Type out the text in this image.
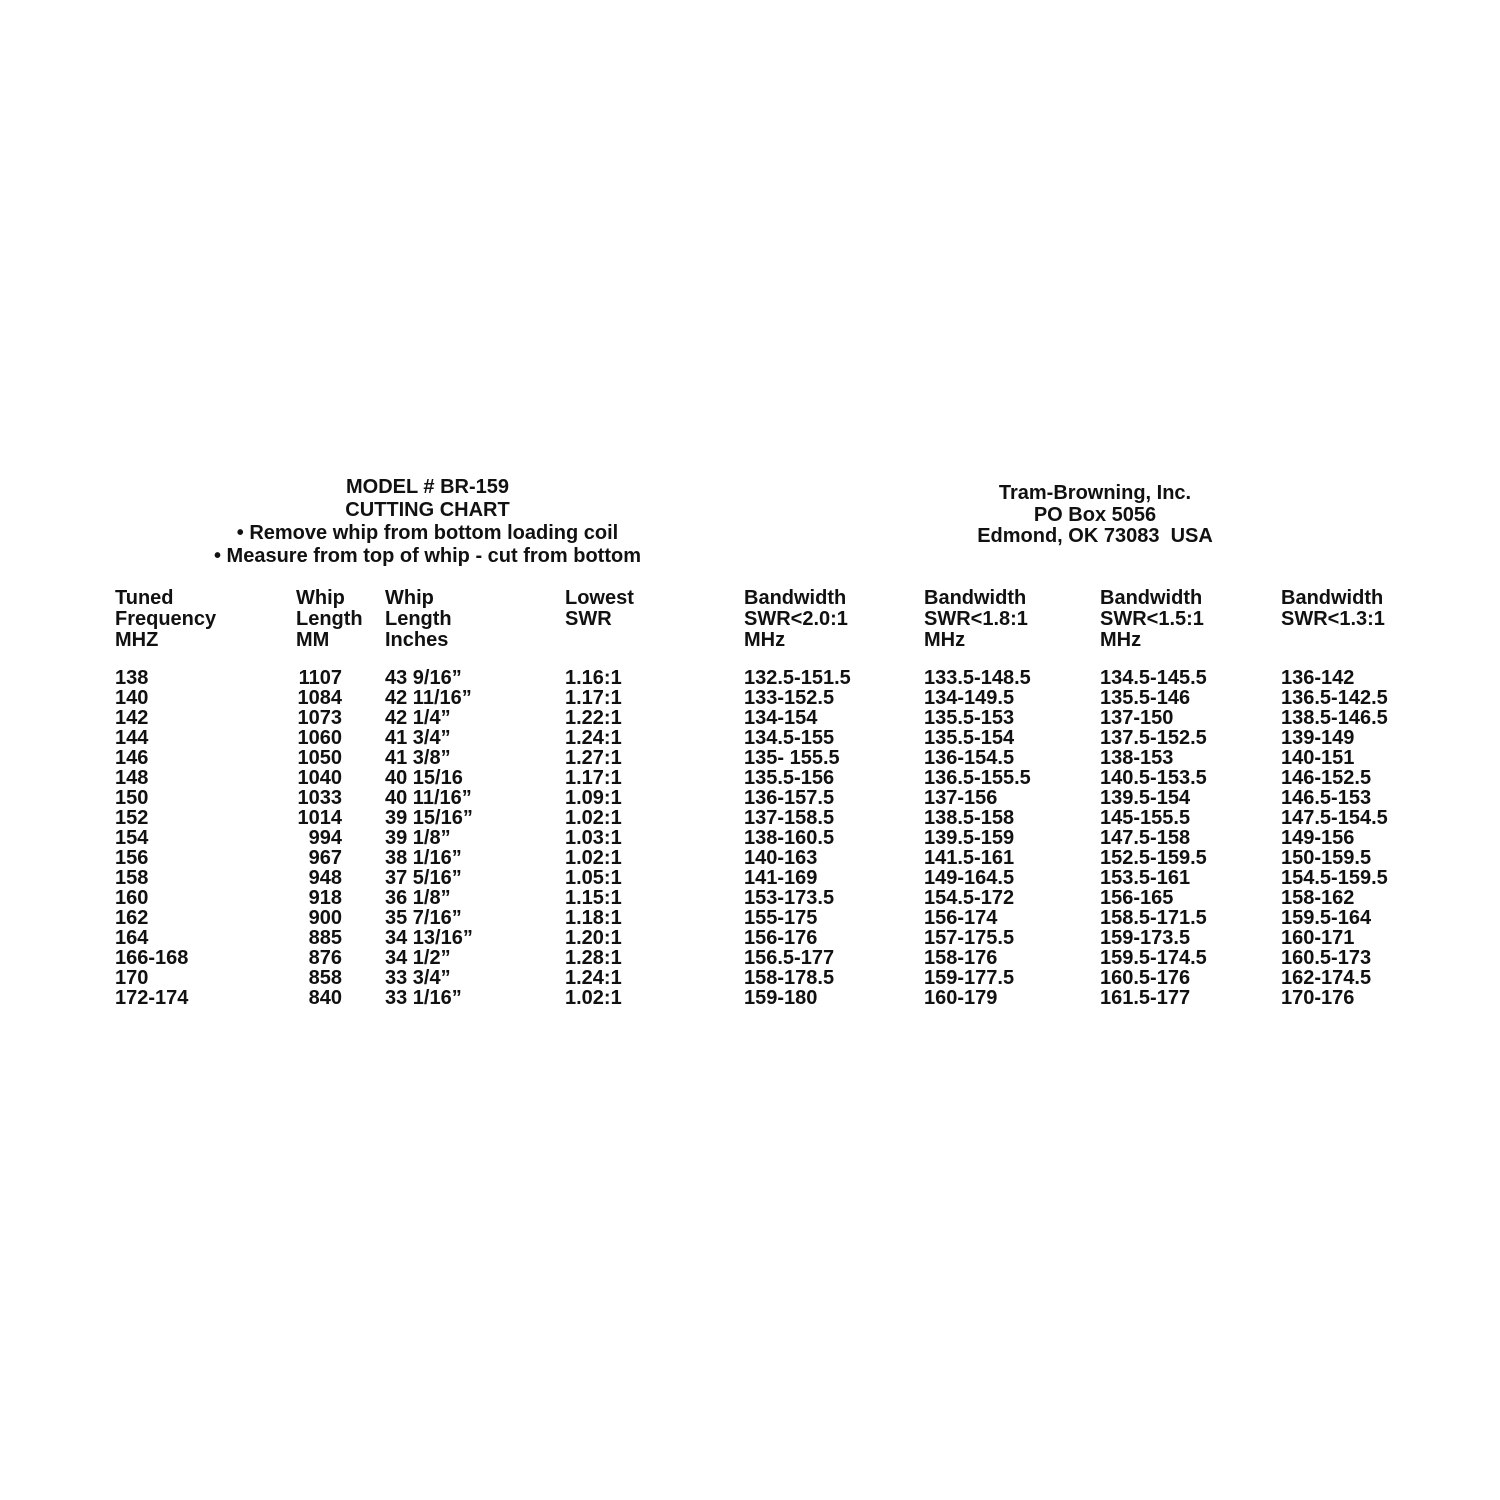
MODEL # BR-159
CUTTING CHART
• Remove whip from bottom loading coil
• Measure from top of whip - cut from bottom
Tram-Browning, Inc.
PO Box 5056
Edmond, OK 73083  USA
Tuned
Frequency
MHZ
138
140
142
144
146
148
150
152
154
156
158
160
162
164
166-168
170
172-174
Whip
Length
MM
1107
1084
1073
1060
1050
1040
1033
1014
994
967
948
918
900
885
876
858
840
Whip
Length
Inches
43 9/16”
42 11/16”
42 1/4”
41 3/4”
41 3/8”
40 15/16
40 11/16”
39 15/16”
39 1/8”
38 1/16”
37 5/16”
36 1/8”
35 7/16”
34 13/16”
34 1/2”
33 3/4”
33 1/16”
Lowest
SWR
1.16:1
1.17:1
1.22:1
1.24:1
1.27:1
1.17:1
1.09:1
1.02:1
1.03:1
1.02:1
1.05:1
1.15:1
1.18:1
1.20:1
1.28:1
1.24:1
1.02:1
Bandwidth
SWR<2.0:1
MHz
132.5-151.5
133-152.5
134-154
134.5-155
135- 155.5
135.5-156
136-157.5
137-158.5
138-160.5
140-163
141-169
153-173.5
155-175
156-176
156.5-177
158-178.5
159-180
Bandwidth
SWR<1.8:1
MHz
133.5-148.5
134-149.5
135.5-153
135.5-154
136-154.5
136.5-155.5
137-156
138.5-158
139.5-159
141.5-161
149-164.5
154.5-172
156-174
157-175.5
158-176
159-177.5
160-179
Bandwidth
SWR<1.5:1
MHz
134.5-145.5
135.5-146
137-150
137.5-152.5
138-153
140.5-153.5
139.5-154
145-155.5
147.5-158
152.5-159.5
153.5-161
156-165
158.5-171.5
159-173.5
159.5-174.5
160.5-176
161.5-177
Bandwidth
SWR<1.3:1
136-142
136.5-142.5
138.5-146.5
139-149
140-151
146-152.5
146.5-153
147.5-154.5
149-156
150-159.5
154.5-159.5
158-162
159.5-164
160-171
160.5-173
162-174.5
170-176
